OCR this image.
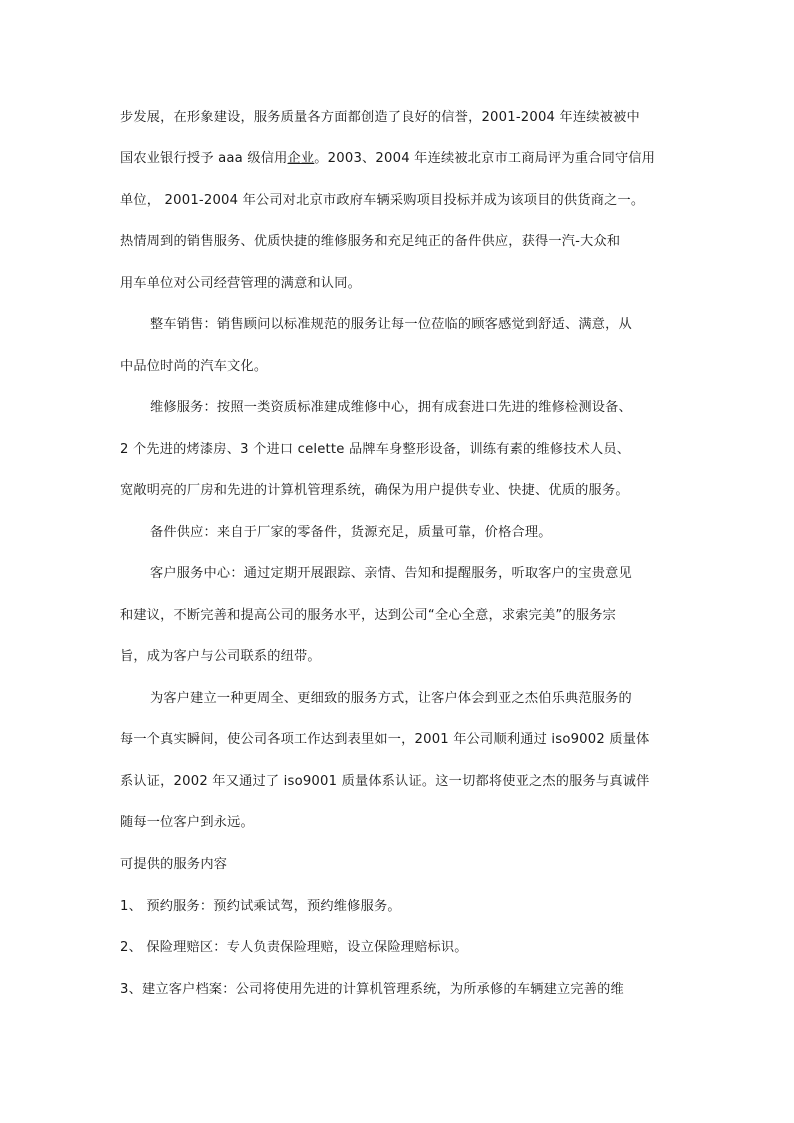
步发展，在形象建设，服务质量各方面都创造了良好的信誉，2001-2004 年连续被被中
国农业银行授予 aaa 级信用企业。2003、2004 年连续被北京市工商局评为重合同守信用
单位， 2001-2004 年公司对北京市政府车辆采购项目投标并成为该项目的供货商之一。
热情周到的销售服务、优质快捷的维修服务和充足纯正的备件供应，获得一汽-大众和
用车单位对公司经营管理的满意和认同。
整车销售：销售顾问以标准规范的服务让每一位莅临的顾客感觉到舒适、满意，从
中品位时尚的汽车文化。
维修服务：按照一类资质标准建成维修中心，拥有成套进口先进的维修检测设备、
2 个先进的烤漆房、3 个进口 celette 品牌车身整形设备，训练有素的维修技术人员、
宽敞明亮的厂房和先进的计算机管理系统，确保为用户提供专业、快捷、优质的服务。
备件供应：来自于厂家的零备件，货源充足，质量可靠，价格合理。
客户服务中心：通过定期开展跟踪、亲情、告知和提醒服务，听取客户的宝贵意见
和建议，不断完善和提高公司的服务水平，达到公司“全心全意，求索完美”的服务宗
旨，成为客户与公司联系的纽带。
为客户建立一种更周全、更细致的服务方式，让客户体会到亚之杰伯乐典范服务的
每一个真实瞬间，使公司各项工作达到表里如一，2001 年公司顺利通过 iso9002 质量体
系认证，2002 年又通过了 iso9001 质量体系认证。这一切都将使亚之杰的服务与真诚伴
随每一位客户到永远。
可提供的服务内容
1、 预约服务：预约试乘试驾，预约维修服务。
2、 保险理赔区：专人负责保险理赔，设立保险理赔标识。
3、建立客户档案：公司将使用先进的计算机管理系统，为所承修的车辆建立完善的维
